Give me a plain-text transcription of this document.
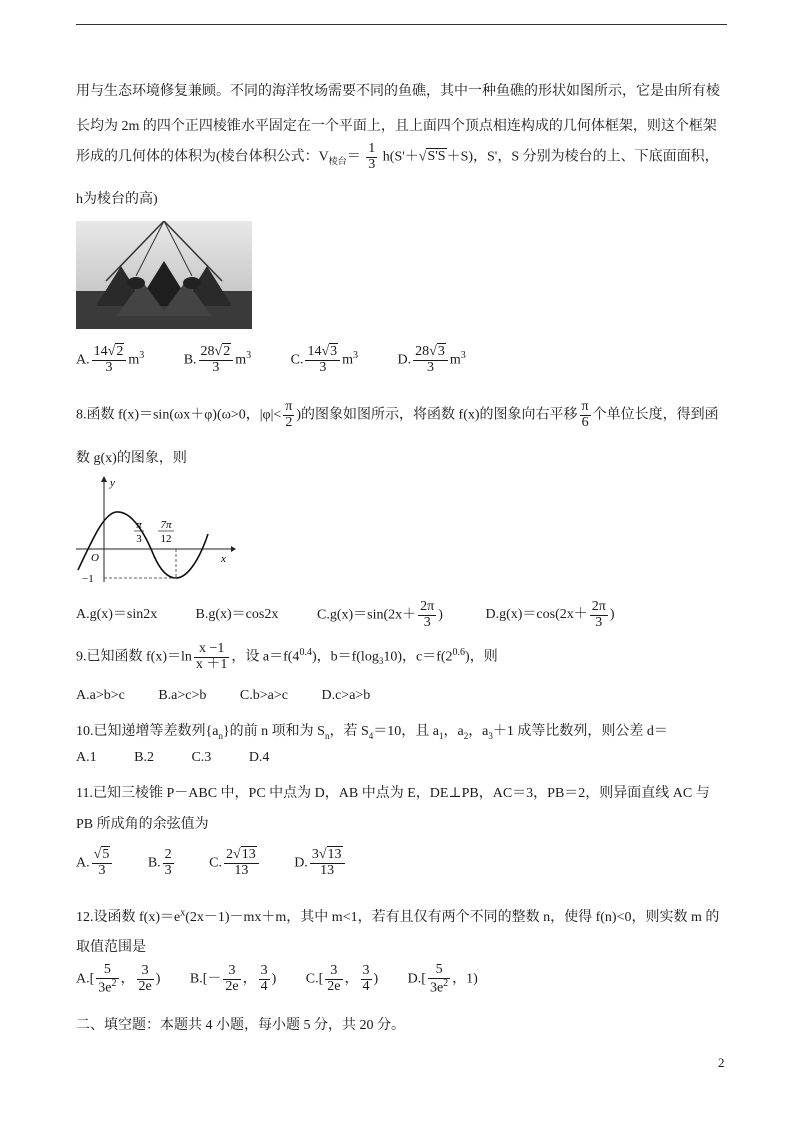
用与生态环境修复兼顾。不同的海洋牧场需要不同的鱼礁，其中一种鱼礁的形状如图所示，它是由所有棱
长均为 2m 的四个正四棱锥水平固定在一个平面上，且上面四个顶点相连构成的几何体框架，则这个框架
形成的几何体的体积为(棱台体积公式：$V_{棱台}= \frac{1}{3} h(S'+√S'S+S)$，S'，S 分别为棱台的上、下底面面积，
h为棱台的高)
A. $\frac{14√2}{3} m^3$	B. $\frac{28√2}{3} m^3$	C. $\frac{14√3}{3} m^3$	D. $\frac{28√3}{3} m^3$
8.函数 f(x)＝sin(ωx＋φ)(ω>0，$|\varphi|< \frac{\pi}{2}$ )的图象如图所示，将函数 f(x)的图象向右平移 $\frac{\pi}{6}$ 个单位长度，得到函
数 g(x)的图象，则
y
x
O
−1
π
3
7π
12
A.g(x)＝sin2x	B.g(x)＝cos2x	$C.g(x)=\sin(2x+ \frac{2\pi}{3}$ )	$D.g(x)=\cos(2x+ \frac{2\pi}{3}$ )
9.已知函数 $f(x)=\ln \frac{x -1}{x +1}$ ，设 $a=f(4^{0.4})$，$b=f(\log_310)$，$c=f(2^{0.6})$，则
A.a>b>c B.a>c>b C.b>a>c D.c>a>b
10.已知递增等差数列$\{a_n\}$的前 n 项和为 $S_n$，若 $S_4=10$，且 $a_1$，$a_2$，$a_3+1$ 成等比数列，则公差 d＝
A.1	B.2	C.3	D.4
11.已知三棱锥 P－ABC 中，PC 中点为 D，AB 中点为 E，DE⊥PB，AC＝3，PB＝2，则异面直线 AC 与
PB 所成角的余弦值为
A. $\frac{√5}{3}$	B. $\frac{2}{3}$	C. $\frac{2√13}{13}$	D. $\frac{3√13}{13}$
12.设函数 $f(x)=e^x(2x-1)-mx+m$，其中 m<1，若有且仅有两个不同的整数 n，使得 f(n)<0，则实数 m 的
取值范围是
$A.[ \frac{5}{3e^2}$ ， $\frac{3}{2e}$ ) $B.[- \frac{3}{2e}$ ， $\frac{3}{4}$ ) $C.[ \frac{3}{2e}$ ， $\frac{3}{4}$ ) $D.[ \frac{5}{3e^2}$ ，1)
二、填空题：本题共 4 小题，每小题 5 分，共 20 分。
2
